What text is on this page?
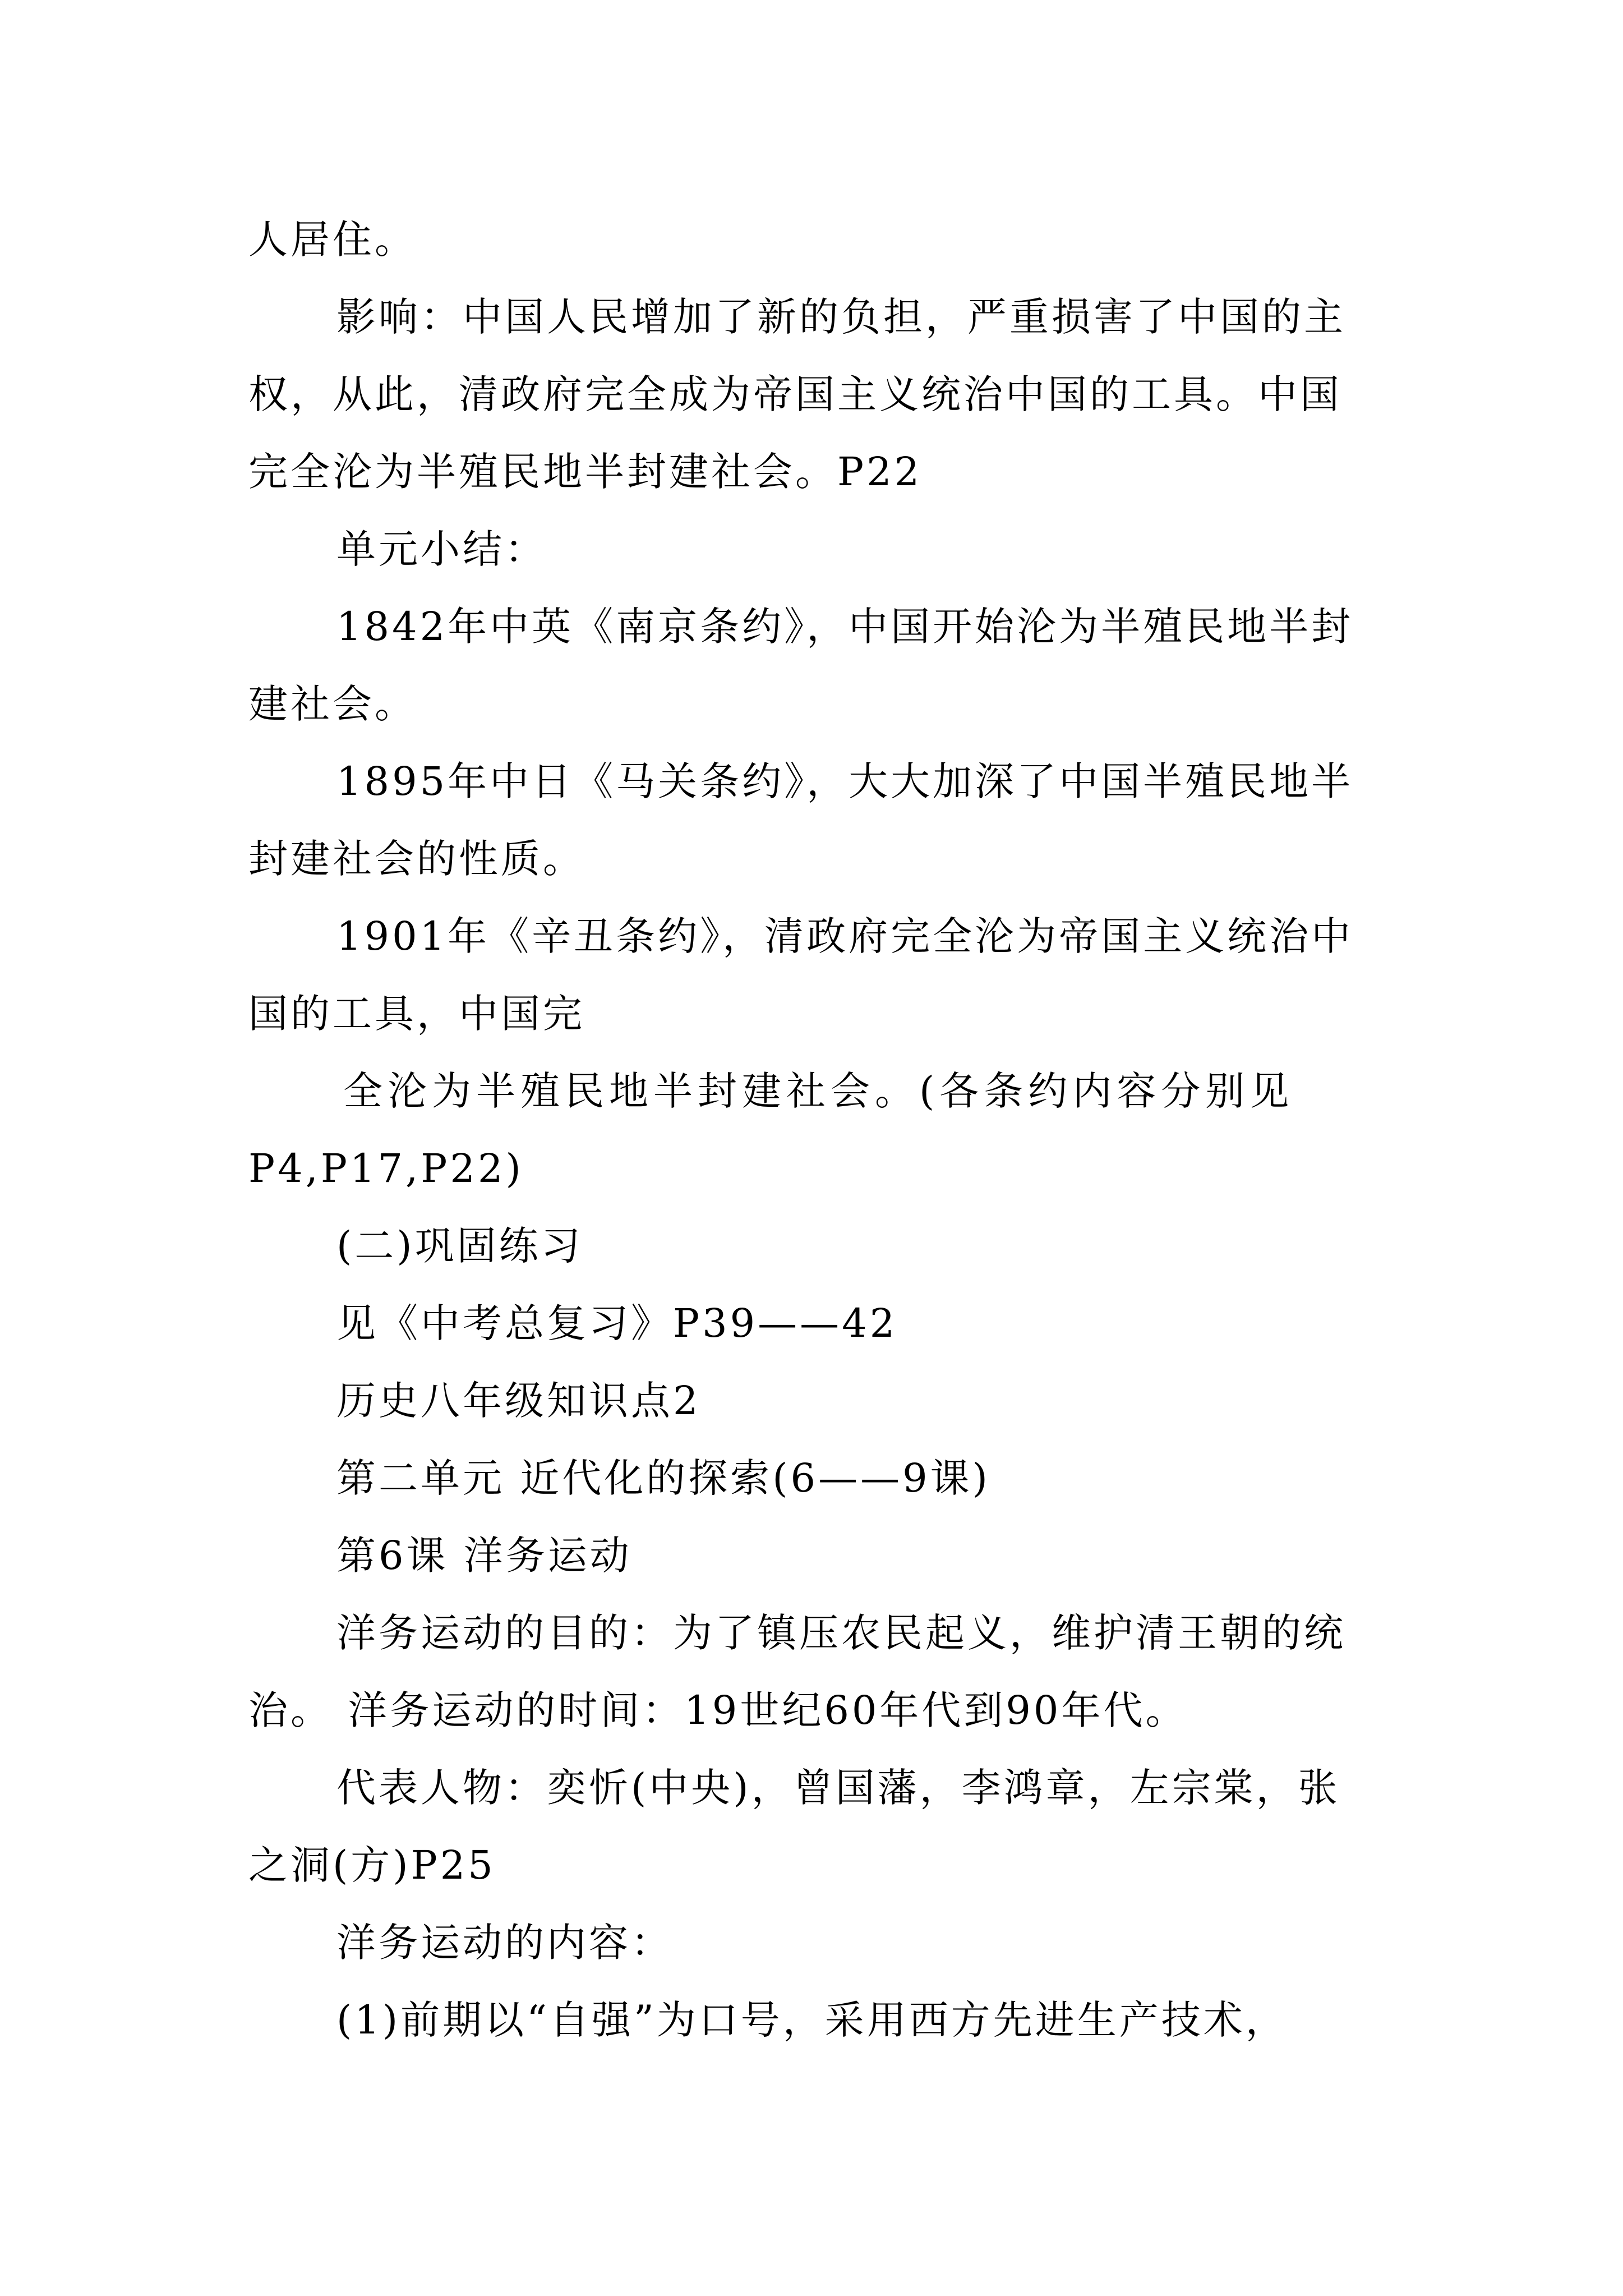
人居住。
影响：中国人民增加了新的负担，严重损害了中国的主
权，从此，清政府完全成为帝国主义统治中国的工具。中国
完全沦为半殖民地半封建社会。P22
单元小结：
1842年中英《南京条约》，中国开始沦为半殖民地半封
建社会。
1895年中日《马关条约》，大大加深了中国半殖民地半
封建社会的性质。
1901年《辛丑条约》，清政府完全沦为帝国主义统治中
国的工具，中国完
全沦为半殖民地半封建社会。(各条约内容分别见
P4,P17,P22)
(二)巩固练习
见《中考总复习》P39——42
历史八年级知识点2
第二单元 近代化的探索(6——9课)
第6课 洋务运动
洋务运动的目的：为了镇压农民起义，维护清王朝的统
治。 洋务运动的时间：19世纪60年代到90年代。
代表人物：奕忻(中央)，曾国藩，李鸿章，左宗棠，张
之洞(方)P25
洋务运动的内容：
(1)前期以“自强”为口号，采用西方先进生产技术，
